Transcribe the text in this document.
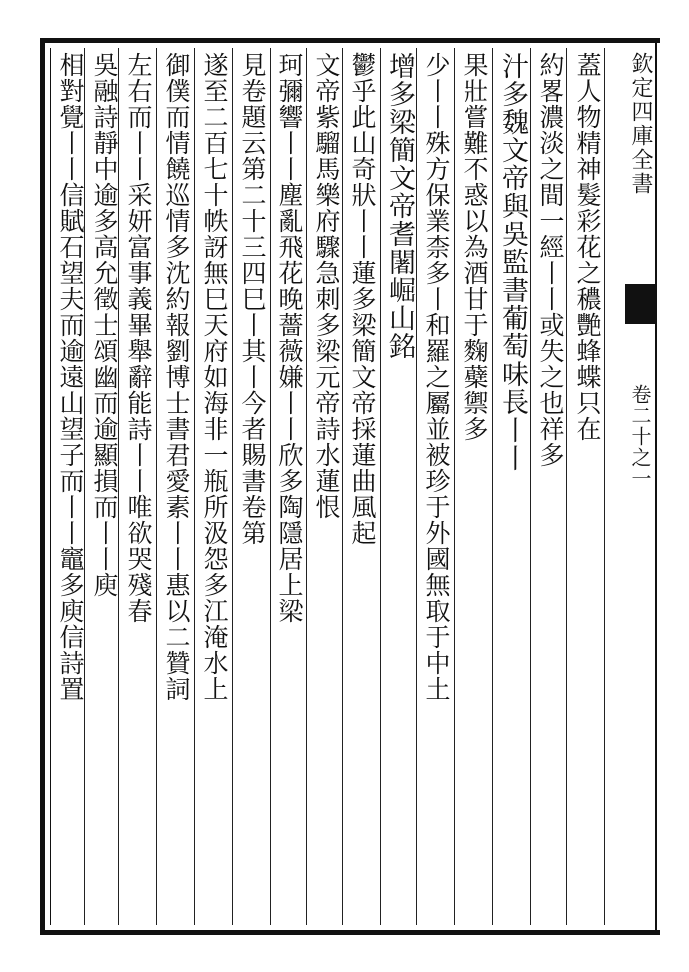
蓋人物精神髮彩花之穠艷蜂蝶只在
約畧濃淡之間一經丨丨或失之也祥多
汁多魏文帝與吳監書葡萄味長丨丨
果壯嘗難不惑以為酒甘于麴蘗禦多
少丨丨殊方保業柰多丨和羅之屬並被珍于外國無取于中土
增多梁簡文帝耆闍崛山銘
鬱乎此山奇狀丨丨蓮多梁簡文帝採蓮曲風起
文帝紫騮馬樂府驟急刺多梁元帝詩水蓮恨
珂彌響丨丨塵亂飛花晚薔薇嫌丨丨欣多陶隱居上梁
見卷題云第二十三四巳丨其丨今者賜書卷第
遂至二百七十帙訝無巳天府如海非一瓶所汲怨多江淹水上
御僕而情饒巡情多沈約報劉博士書君愛素丨丨惠以二贊詞
左右而丨丨采妍富事義畢舉辭能詩丨丨唯欲哭殘春
吳融詩靜中逾多高允徵士頌幽而逾顯損而丨丨庾
相對覺丨丨信賦石望夫而逾遠山望子而丨丨竈多庾信詩置	欽定四庫全書
卷二十之一
